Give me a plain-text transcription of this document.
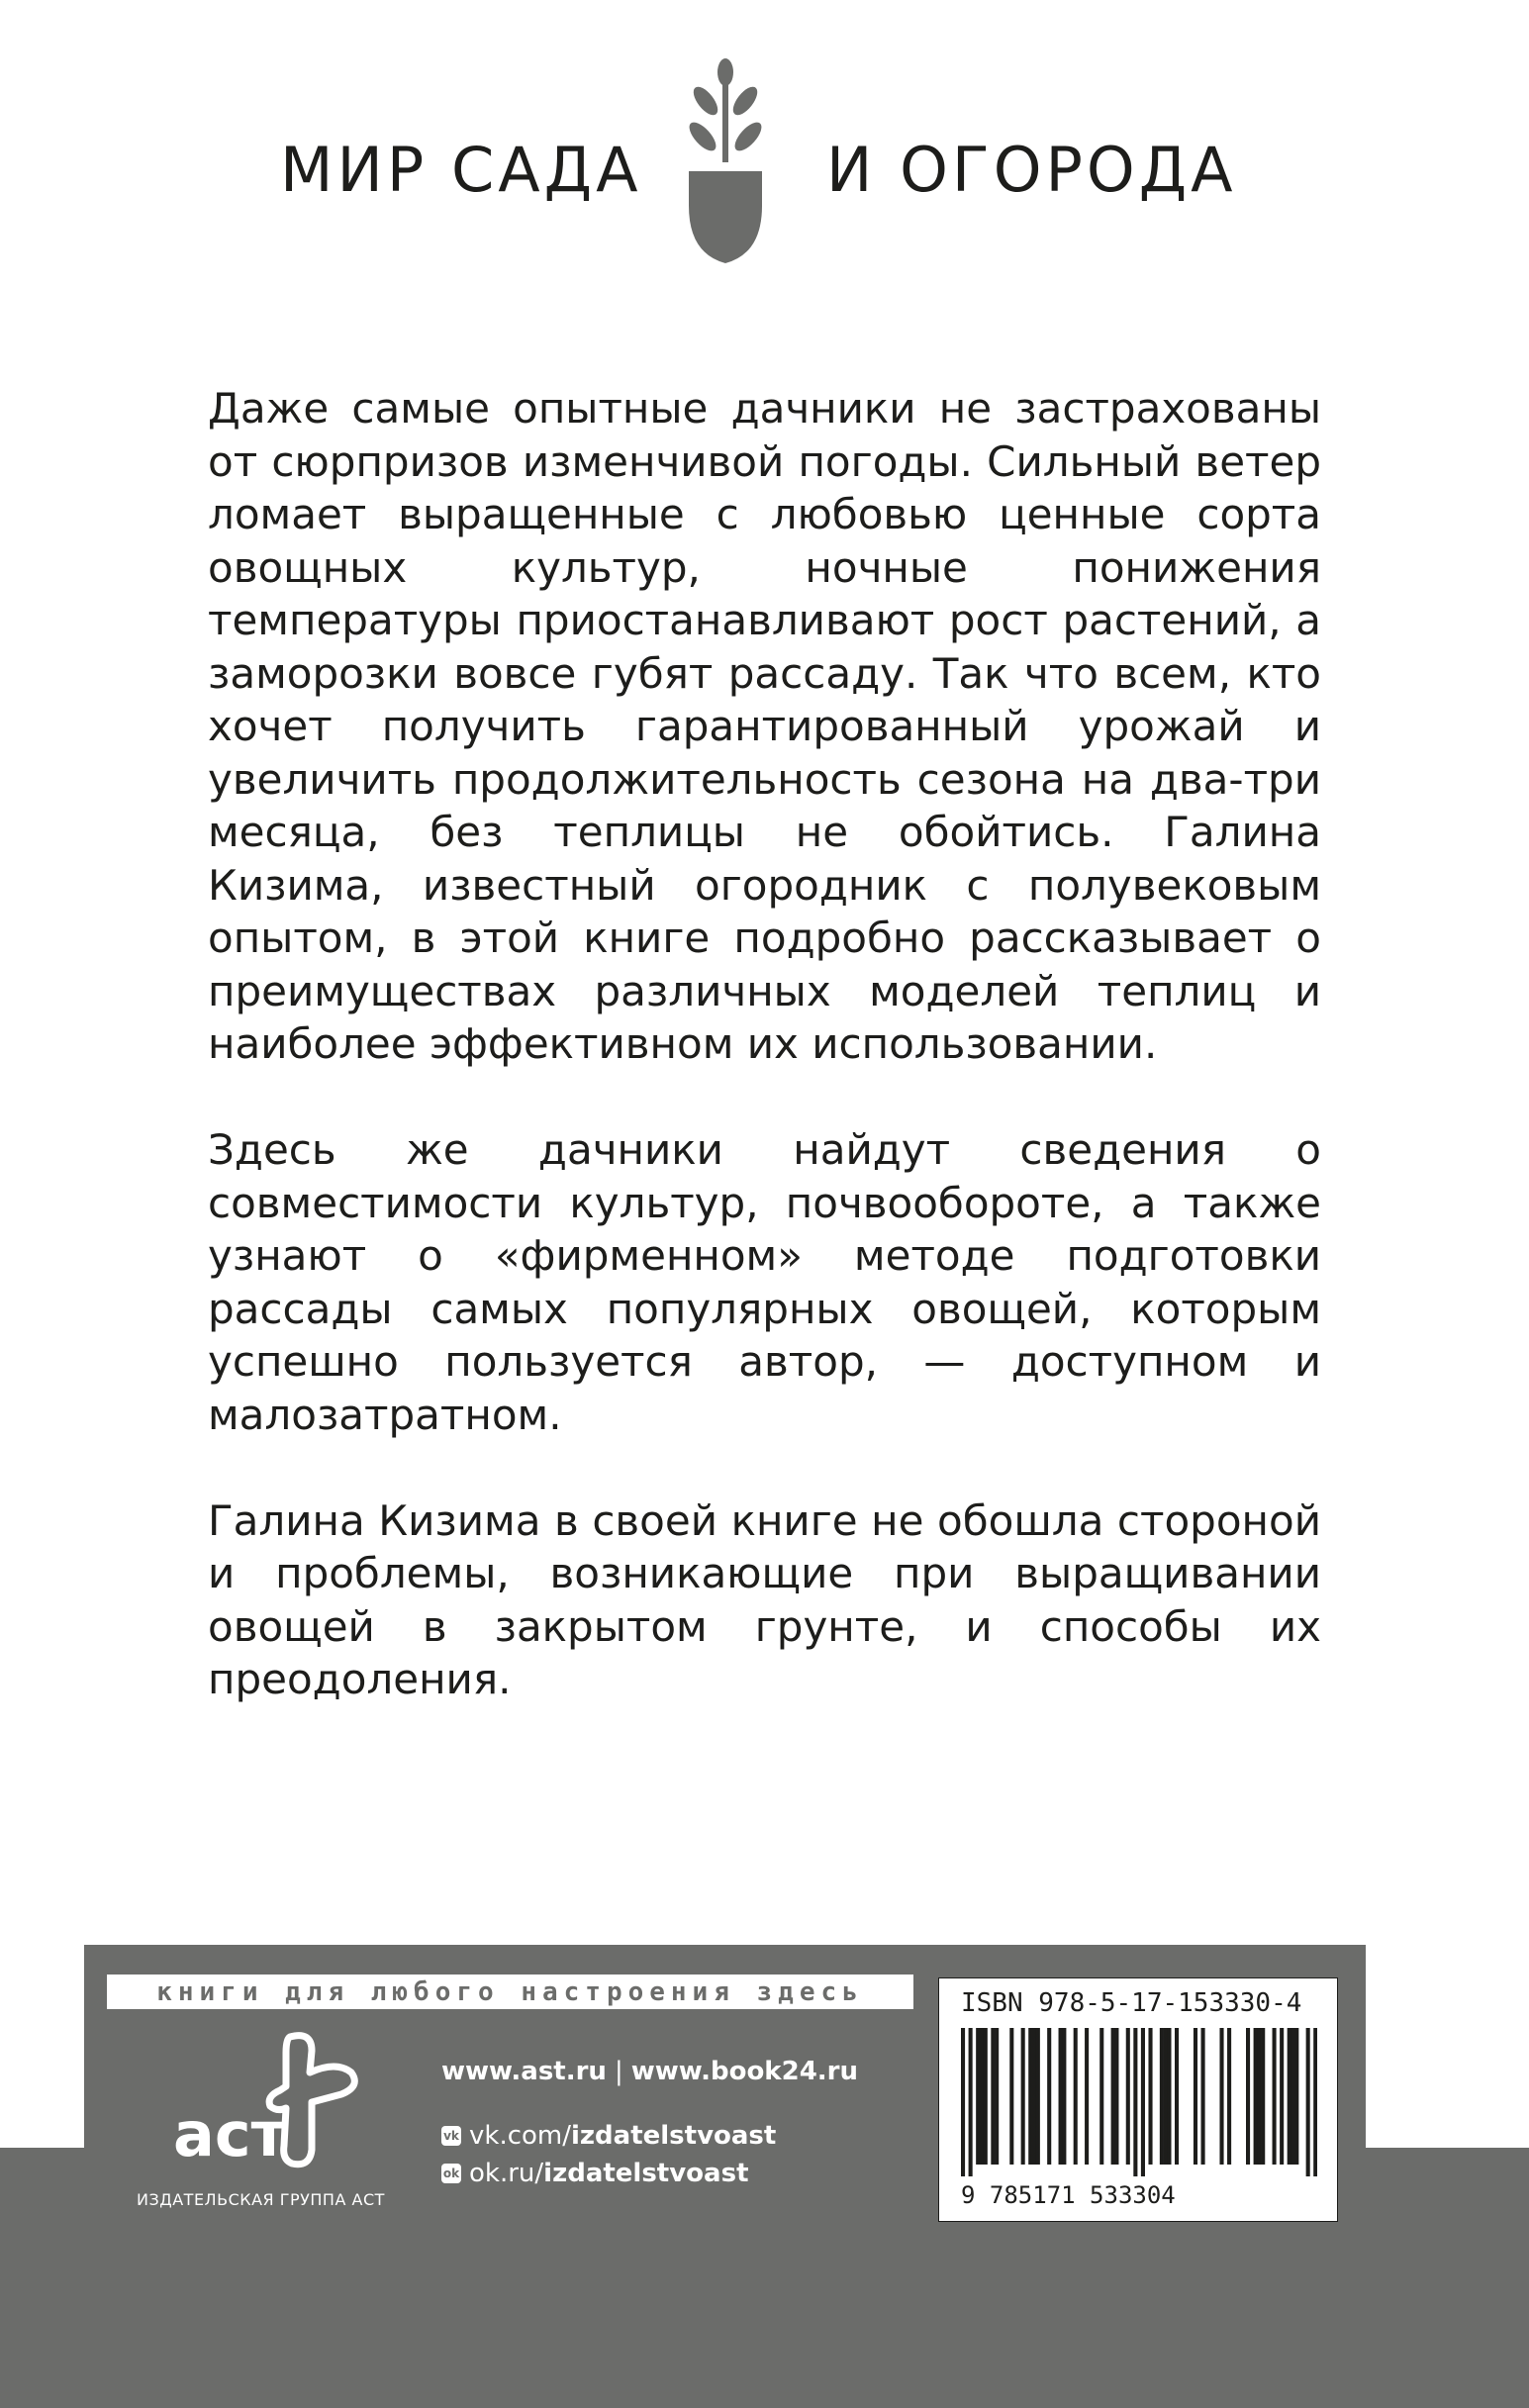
МИР САДА	И ОГОРОДА

Даже самые опытные дачники не застрахованы от сюрпризов изменчивой погоды. Сильный ветер ломает выращенные с любовью ценные сорта овощных культур, ночные понижения температуры приостанавливают рост растений, а заморозки вовсе губят рассаду. Так что всем, кто хочет получить гарантированный урожай и увеличить продолжительность сезона на два-три месяца, без теплицы не обойтись. Галина Кизима, известный огородник с полувековым опытом, в этой книге подробно рассказывает о преимуществах различных моделей теплиц и наиболее эффективном их использовании.

Здесь же дачники найдут сведения о совместимости культур, почвообороте, а также узнают о «фирменном» методе подготовки рассады самых популярных овощей, которым успешно пользуется автор, — доступном и малозатратном.

Галина Кизима в своей книге не обошла стороной и проблемы, возникающие при выращивании овощей в закрытом грунте, и способы их преодоления.

книги для любого настроения здесь
аст
ИЗДАТЕЛЬСКАЯ ГРУППА АСТ
www.ast.ru | www.book24.ru
vk vk.com/ izdatelstvoast
ok ok.ru/ izdatelstvoast
ISBN 978-5-17-153330-4
9 785171 533304
